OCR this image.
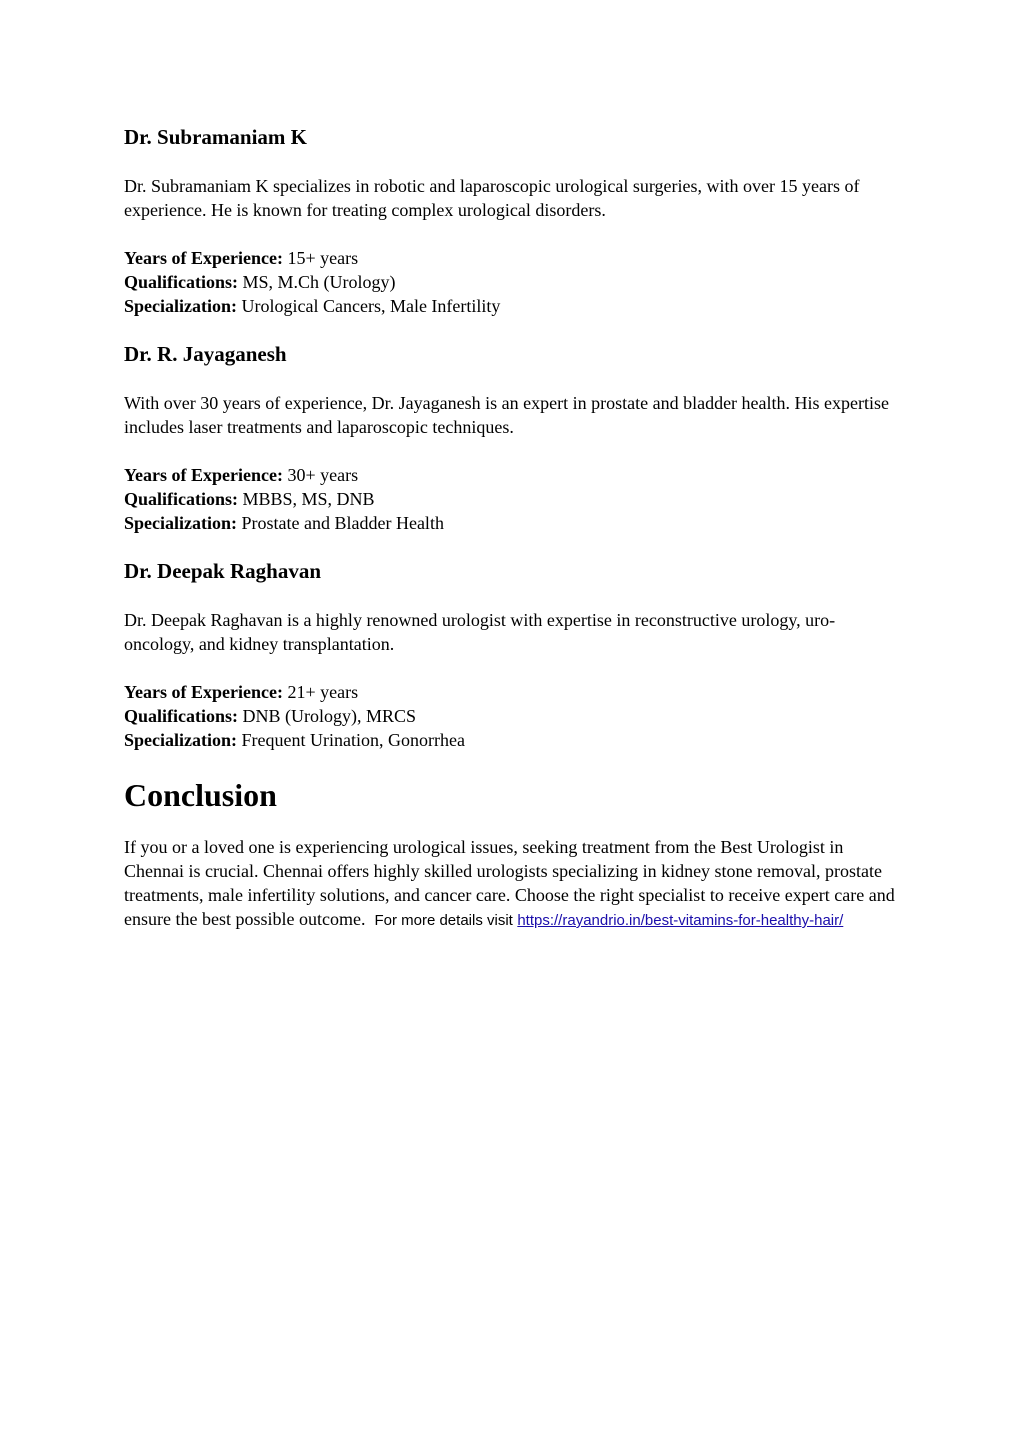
Dr. Subramaniam K

Dr. Subramaniam K specializes in robotic and laparoscopic urological surgeries, with over 15 years of experience. He is known for treating complex urological disorders.

Years of Experience: 15+ years
Qualifications: MS, M.Ch (Urology)
Specialization: Urological Cancers, Male Infertility
Dr. R. Jayaganesh

With over 30 years of experience, Dr. Jayaganesh is an expert in prostate and bladder health. His expertise includes laser treatments and laparoscopic techniques.

Years of Experience: 30+ years
Qualifications: MBBS, MS, DNB
Specialization: Prostate and Bladder Health
Dr. Deepak Raghavan

Dr. Deepak Raghavan is a highly renowned urologist with expertise in reconstructive urology, uro-oncology, and kidney transplantation.

Years of Experience: 21+ years
Qualifications: DNB (Urology), MRCS
Specialization: Frequent Urination, Gonorrhea
Conclusion

If you or a loved one is experiencing urological issues, seeking treatment from the Best Urologist in Chennai is crucial. Chennai offers highly skilled urologists specializing in kidney stone removal, prostate treatments, male infertility solutions, and cancer care. Choose the right specialist to receive expert care and ensure the best possible outcome. For more details visit https://rayandrio.in/best-vitamins-for-healthy-hair/
